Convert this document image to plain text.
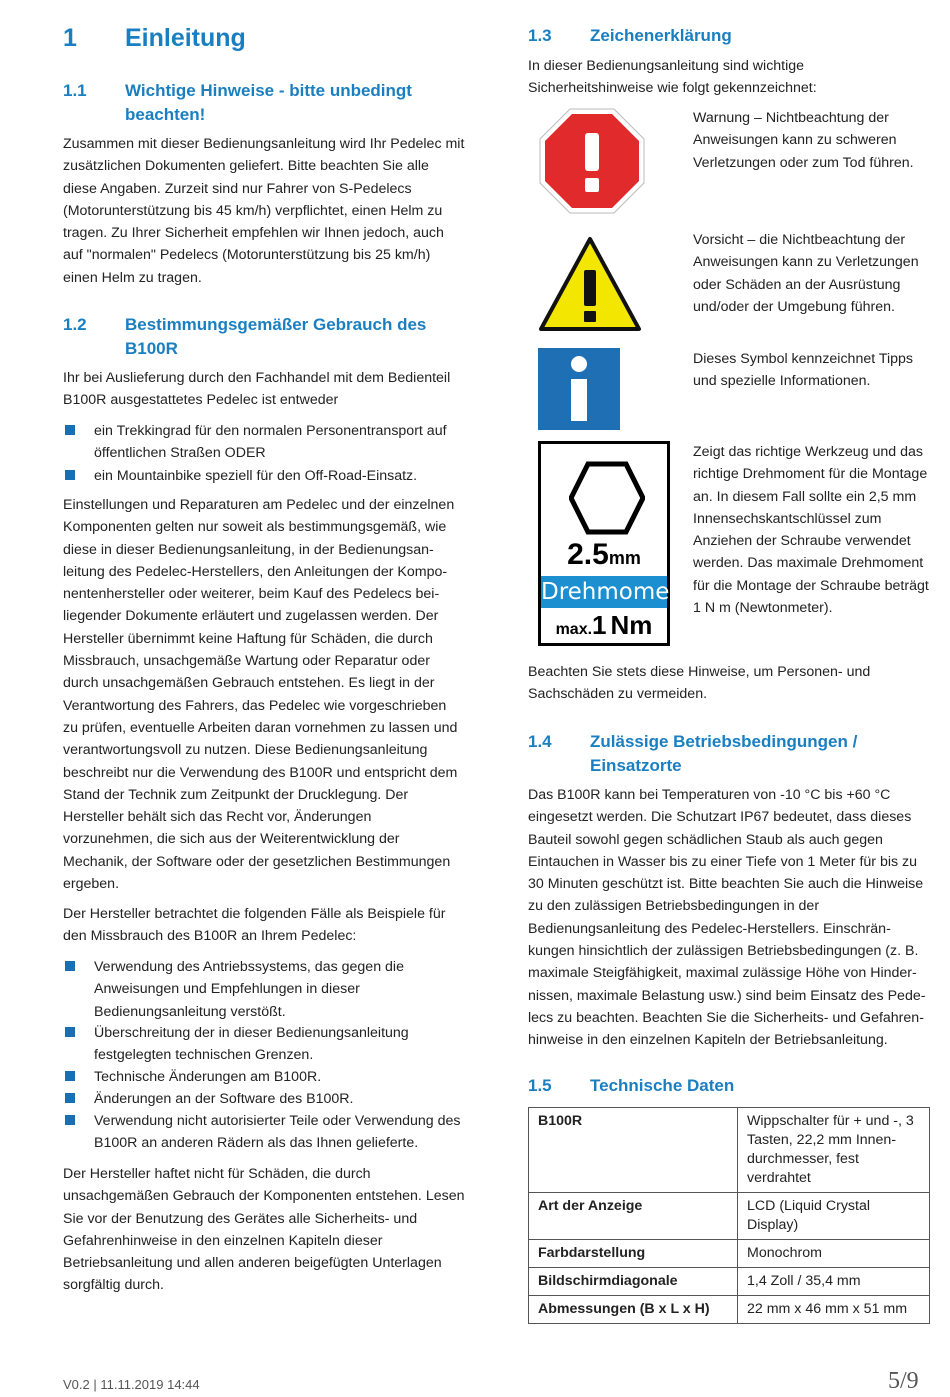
1 Einleitung
1.1 Wichtige Hinweise - bitte unbedingt beachten!
Zusammen mit dieser Bedienungsanleitung wird Ihr Pedelec mit zusätzlichen Dokumenten geliefert. Bitte beachten Sie alle diese Angaben. Zurzeit sind nur Fahrer von S-Pedelecs (Motorunterstützung bis 45 km/h) verpflichtet, einen Helm zu tragen. Zu Ihrer Sicherheit empfehlen wir Ihnen jedoch, auch auf "normalen" Pedelecs (Motorunterstützung bis 25 km/h) einen Helm zu tragen.
1.2 Bestimmungsgemäßer Gebrauch des B100R
Ihr bei Auslieferung durch den Fachhandel mit dem Bedienteil B100R ausgestattetes Pedelec ist entweder
ein Trekkingrad für den normalen Personentransport auf öffentlichen Straßen ODER
ein Mountainbike speziell für den Off-Road-Einsatz.
Einstellungen und Reparaturen am Pedelec und der einzelnen Komponenten gelten nur soweit als bestimmungsgemäß, wie diese in dieser Bedienungsanleitung, in der Bedienungsanleitung des Pedelec-Herstellers, den Anleitungen der Komponentenhersteller oder weiterer, beim Kauf des Pedelecs beiliegender Dokumente erläutert und zugelassen werden. Der Hersteller übernimmt keine Haftung für Schäden, die durch Missbrauch, unsachgemäße Wartung oder Reparatur oder durch unsachgemäßen Gebrauch entstehen. Es liegt in der Verantwortung des Fahrers, das Pedelec wie vorgeschrieben zu prüfen, eventuelle Arbeiten daran vornehmen zu lassen und verantwortungsvoll zu nutzen. Diese Bedienungsanleitung beschreibt nur die Verwendung des B100R und entspricht dem Stand der Technik zum Zeitpunkt der Drucklegung. Der Hersteller behält sich das Recht vor, Änderungen vorzunehmen, die sich aus der Weiterentwicklung der Mechanik, der Software oder der gesetzlichen Bestimmungen ergeben.
Der Hersteller betrachtet die folgenden Fälle als Beispiele für den Missbrauch des B100R an Ihrem Pedelec:
Verwendung des Antriebssystems, das gegen die Anweisungen und Empfehlungen in dieser Bedienungsanleitung verstößt.
Überschreitung der in dieser Bedienungsanleitung festgelegten technischen Grenzen.
Technische Änderungen am B100R.
Änderungen an der Software des B100R.
Verwendung nicht autorisierter Teile oder Verwendung des B100R an anderen Rädern als das Ihnen gelieferte.
Der Hersteller haftet nicht für Schäden, die durch unsachgemäßen Gebrauch der Komponenten entstehen. Lesen Sie vor der Benutzung des Gerätes alle Sicherheits- und Gefahrenhinweise in den einzelnen Kapiteln dieser Betriebsanleitung und allen anderen beigefügten Unterlagen sorgfältig durch.
1.3 Zeichenerklärung
In dieser Bedienungsanleitung sind wichtige Sicherheitshinweise wie folgt gekennzeichnet:
Warnung – Nichtbeachtung der Anweisungen kann zu schweren Verletzungen oder zum Tod führen.
Vorsicht – die Nichtbeachtung der Anweisungen kann zu Verletzungen oder Schäden an der Ausrüstung und/oder der Umgebung führen.
Dieses Symbol kennzeichnet Tipps und spezielle Informationen.
2.5mm
Drehmoment
max.1 Nm
Zeigt das richtige Werkzeug und das richtige Drehmoment für die Montage an. In diesem Fall sollte ein 2,5 mm Innensechskantschlüssel zum Anziehen der Schraube verwendet werden. Das maximale Drehmoment für die Montage der Schraube beträgt 1 N m (Newtonmeter).
Beachten Sie stets diese Hinweise, um Personen- und Sachschäden zu vermeiden.
1.4 Zulässige Betriebsbedingungen / Einsatzorte
Das B100R kann bei Temperaturen von -10 °C bis +60 °C eingesetzt werden. Die Schutzart IP67 bedeutet, dass dieses Bauteil sowohl gegen schädlichen Staub als auch gegen Eintauchen in Wasser bis zu einer Tiefe von 1 Meter für bis zu 30 Minuten geschützt ist. Bitte beachten Sie auch die Hinweise zu den zulässigen Betriebsbedingungen in der Bedienungsanleitung des Pedelec-Herstellers. Einschränkungen hinsichtlich der zulässigen Betriebsbedingungen (z. B. maximale Steigfähigkeit, maximal zulässige Höhe von Hindernissen, maximale Belastung usw.) sind beim Einsatz des Pedelecs zu beachten. Beachten Sie die Sicherheits- und Gefahrenhinweise in den einzelnen Kapiteln der Betriebsanleitung.
1.5 Technische Daten
B100R	Wippschalter für + und -, 3 Tasten, 22,2 mm Innendurchmesser, fest verdrahtet
Art der Anzeige	LCD (Liquid Crystal Display)
Farbdarstellung	Monochrom
Bildschirmdiagonale	1,4 Zoll / 35,4 mm
Abmessungen (B x L x H)	22 mm x 46 mm x 51 mm
V0.2 | 11.11.2019 14:44	5/9
